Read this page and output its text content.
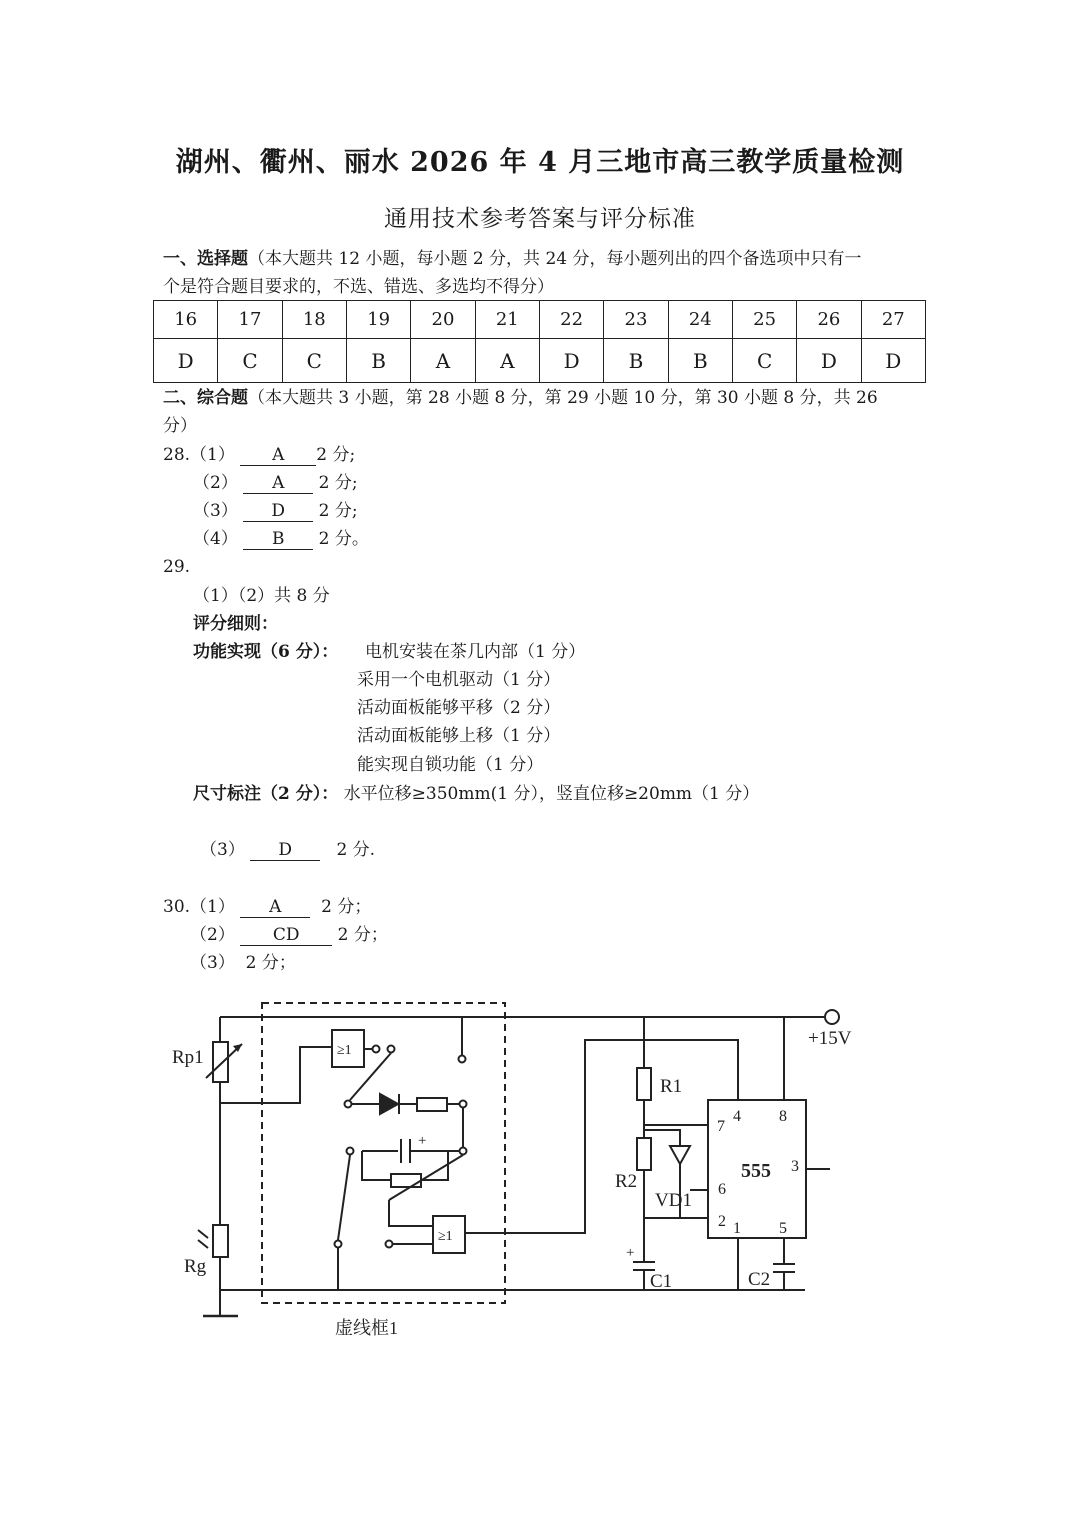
湖州、衢州、丽水 2026 年 4 月三地市高三教学质量检测
通用技术参考答案与评分标准
一、选择题（本大题共 12 小题，每小题 2 分，共 24 分，每小题列出的四个备选项中只有一
个是符合题目要求的，不选、错选、多选均不得分）
16	17	18	19	20	21	22	23	24	25	26	27
D	C	C	B	A	A	D	B	B	C	D	D
二、综合题（本大题共 3 小题，第 28 小题 8 分，第 29 小题 10 分，第 30 小题 8 分，共 26
分）
28.（1） A 2 分;
（2） A 2 分;
（3） D 2 分;
（4） B 2 分。
29.
（1）（2）共 8 分
评分细则：
功能实现（6 分）： 电机安装在茶几内部（1 分）
采用一个电机驱动（1 分）
活动面板能够平移（2 分）
活动面板能够上移（1 分）
能实现自锁功能（1 分）
尺寸标注（2 分）： 水平位移≥350mm(1 分），竖直位移≥20mm（1 分）
（3） D	2 分.
30.（1） A 2 分；
（2） CD 2 分；
（3） 2 分；
+15V
Rp1
Rg
虚线框1
≥1
+
≥1
R1
R2
VD1
+
C1
555
4 8
7
3
6
2 1 5
C2
